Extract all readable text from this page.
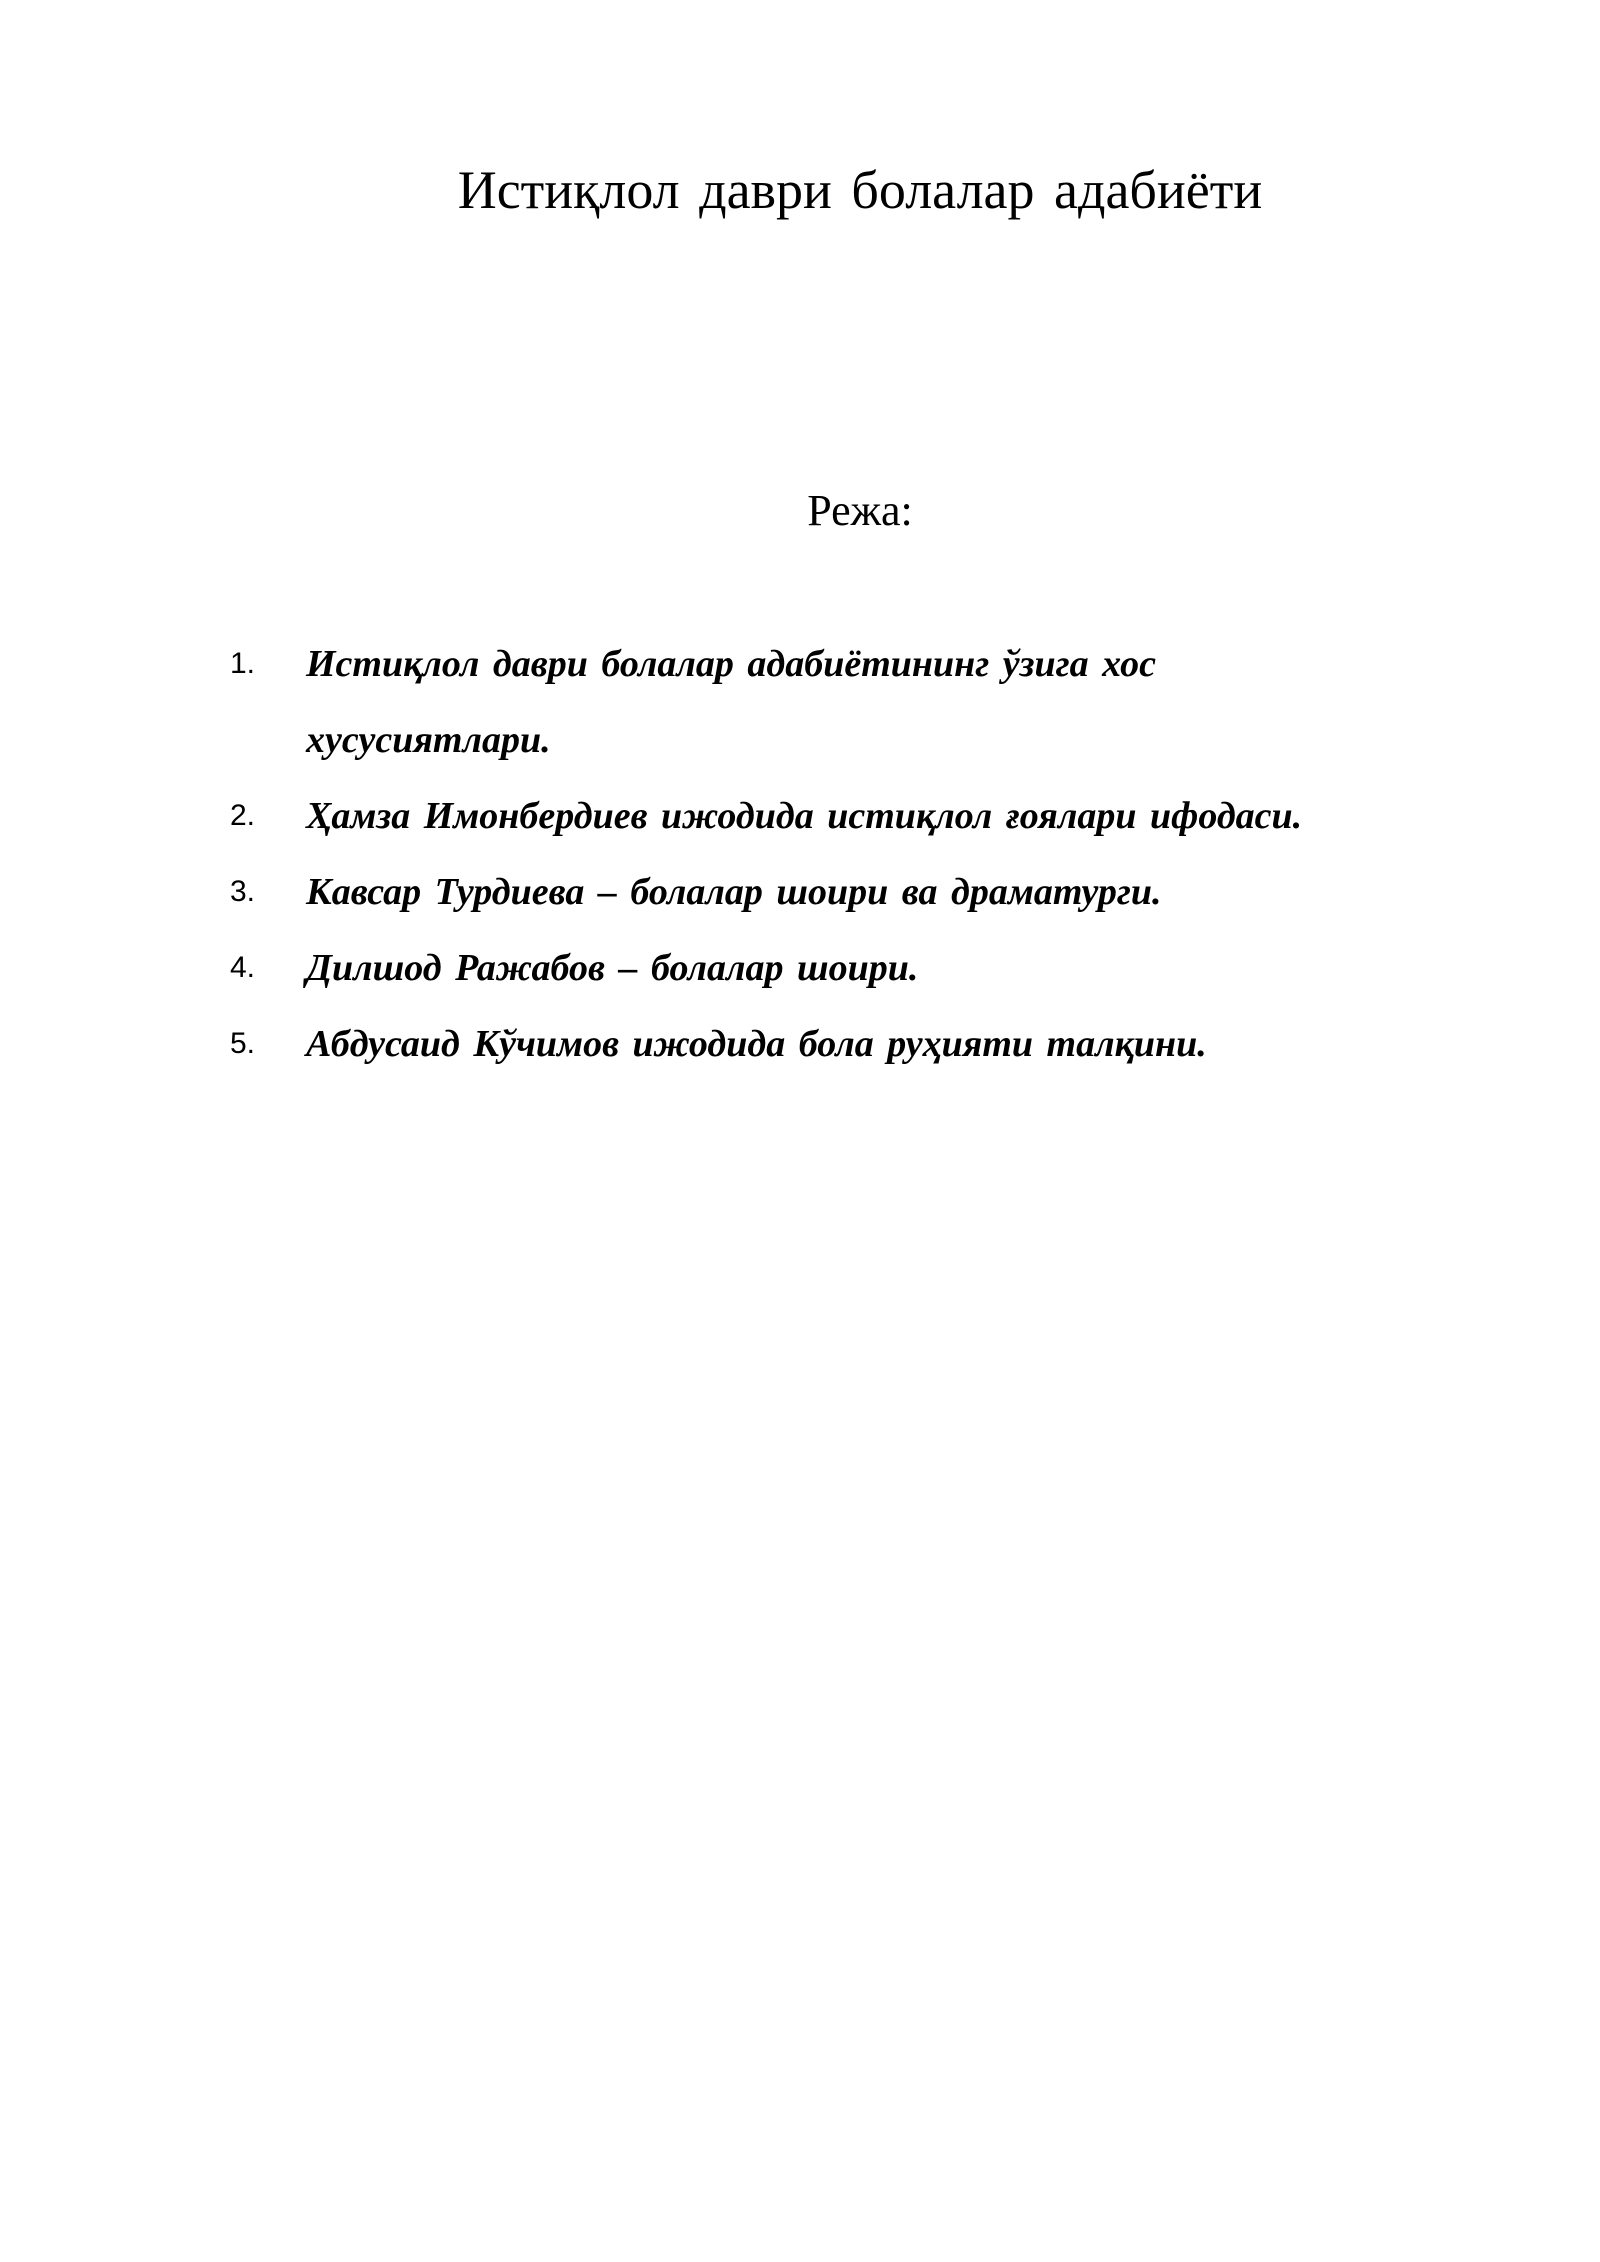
Истиқлол даври болалар адабиёти
Режа:
1. Истиқлол даври болалар адабиётининг ўзига хос хусусиятлари.
2. Ҳамза Имонбердиев ижодида истиқлол ғоялари ифодаси.
3. Кавсар Турдиева – болалар шоири ва драматурги.
4. Дилшод Ражабов – болалар шоири.
5. Абдусаид Кўчимов ижодида бола руҳияти талқини.
